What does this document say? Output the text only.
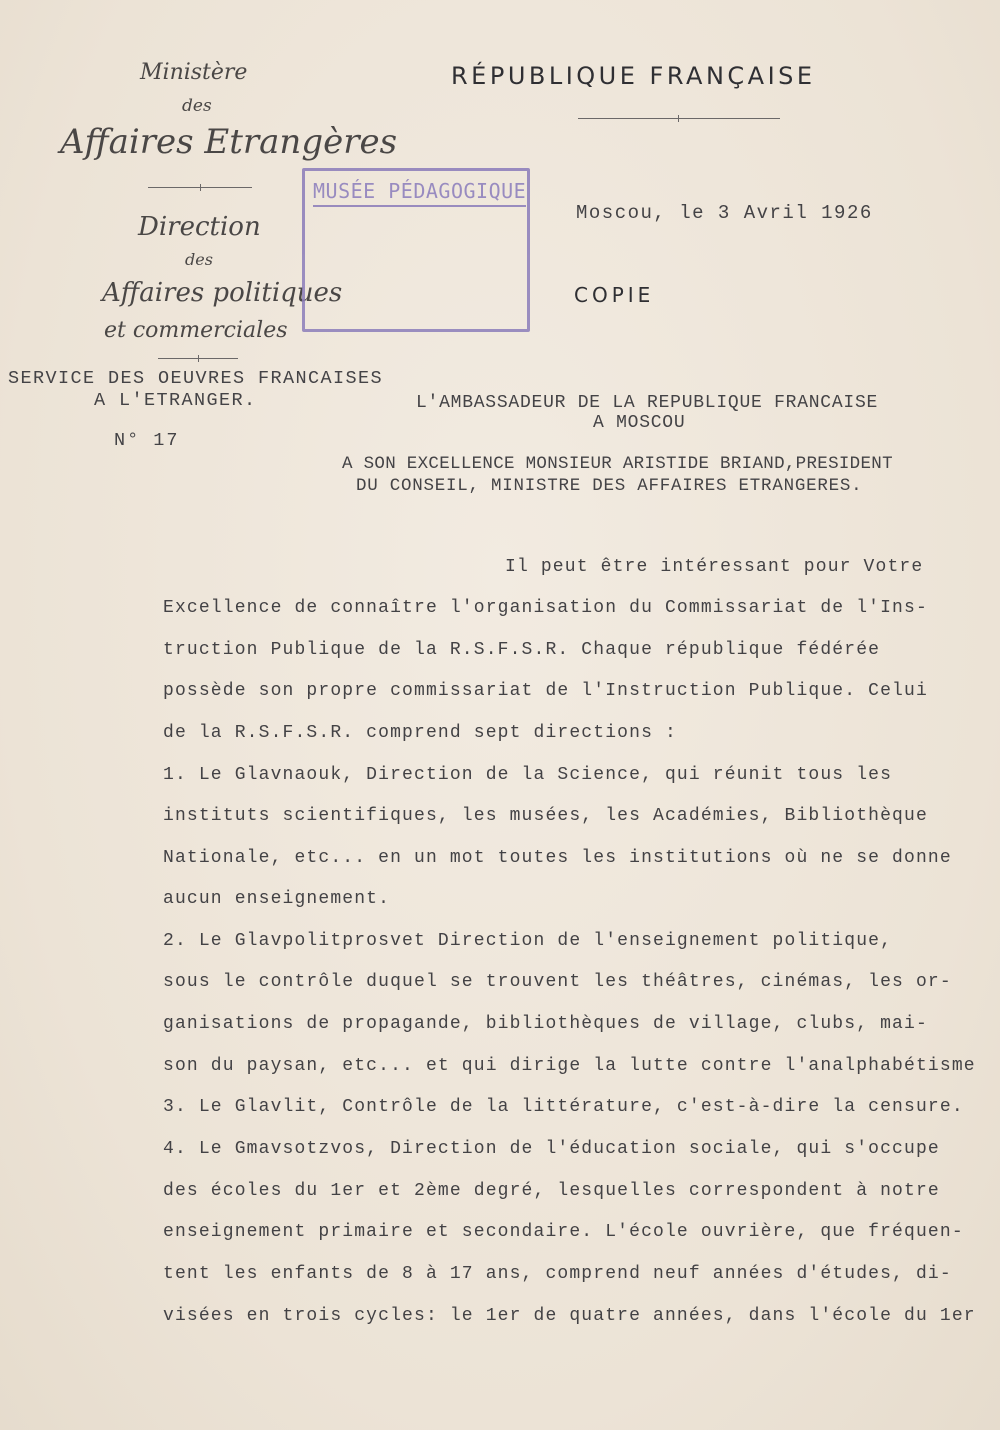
Ministère
des
Affaires Etrangères
Direction
des
Affaires politiques
et commerciales
SERVICE DES OEUVRES FRANCAISES
A L'ETRANGER.
N° 17
RÉPUBLIQUE FRANÇAISE
MUSÉE PÉDAGOGIQUE
Moscou, le 3 Avril 1926
COPIE
L'AMBASSADEUR DE LA REPUBLIQUE FRANCAISE
A MOSCOU
A SON EXCELLENCE MONSIEUR ARISTIDE BRIAND,PRESIDENT
DU CONSEIL, MINISTRE DES AFFAIRES ETRANGERES.
Il peut être intéressant pour Votre
Excellence de connaître l'organisation du Commissariat de l'Ins-
truction Publique de la R.S.F.S.R. Chaque république fédérée
possède son propre commissariat de l'Instruction Publique. Celui
de la R.S.F.S.R. comprend sept directions :
1. Le Glavnaouk, Direction de la Science, qui réunit tous les
instituts scientifiques, les musées, les Académies, Bibliothèque
Nationale, etc... en un mot toutes les institutions où ne se donne
aucun enseignement.
2. Le Glavpolitprosvet Direction de l'enseignement politique,
sous le contrôle duquel se trouvent les théâtres, cinémas, les or-
ganisations de propagande, bibliothèques de village, clubs, mai-
son du paysan, etc... et qui dirige la lutte contre l'analphabétisme
3. Le Glavlit, Contrôle de la littérature, c'est-à-dire la censure.
4. Le Gmavsotzvos, Direction de l'éducation sociale, qui s'occupe
des écoles du 1er et 2ème degré, lesquelles correspondent à notre
enseignement primaire et secondaire. L'école ouvrière, que fréquen-
tent les enfants de 8 à 17 ans, comprend neuf années d'études, di-
visées en trois cycles: le 1er de quatre années, dans l'école du 1er
